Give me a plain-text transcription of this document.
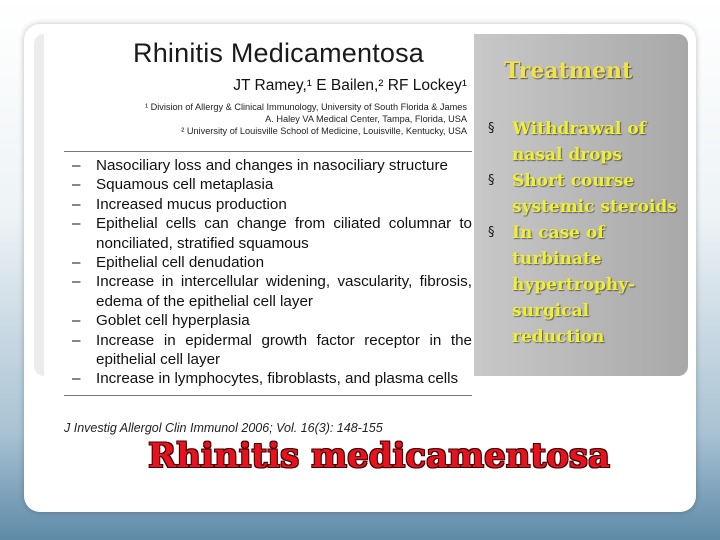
Rhinitis Medicamentosa

JT Ramey,¹ E Bailen,² RF Lockey¹

¹ Division of Allergy & Clinical Immunology, University of South Florida & James

A. Haley VA Medical Center, Tampa, Florida, USA

² University of Louisville School of Medicine, Louisville, Kentucky, USA

– Nasociliary loss and changes in nasociliary structure
– Squamous cell metaplasia
– Increased mucus production
– Epithelial cells can change from ciliated columnar to nonciliated, stratified squamous
– Epithelial cell denudation
– Increase in intercellular widening, vascularity, fibrosis, edema of the epithelial cell layer
– Goblet cell hyperplasia
– Increase in epidermal growth factor receptor in the epithelial cell layer
– Increase in lymphocytes, fibroblasts, and plasma cells

J Investig Allergol Clin Immunol 2006; Vol. 16(3): 148-155

Treatment
§ Withdrawal of nasal drops
§ Short course systemic steroids
§ In case of turbinate hypertrophy- surgical reduction
Rhinitis medicamentosa
